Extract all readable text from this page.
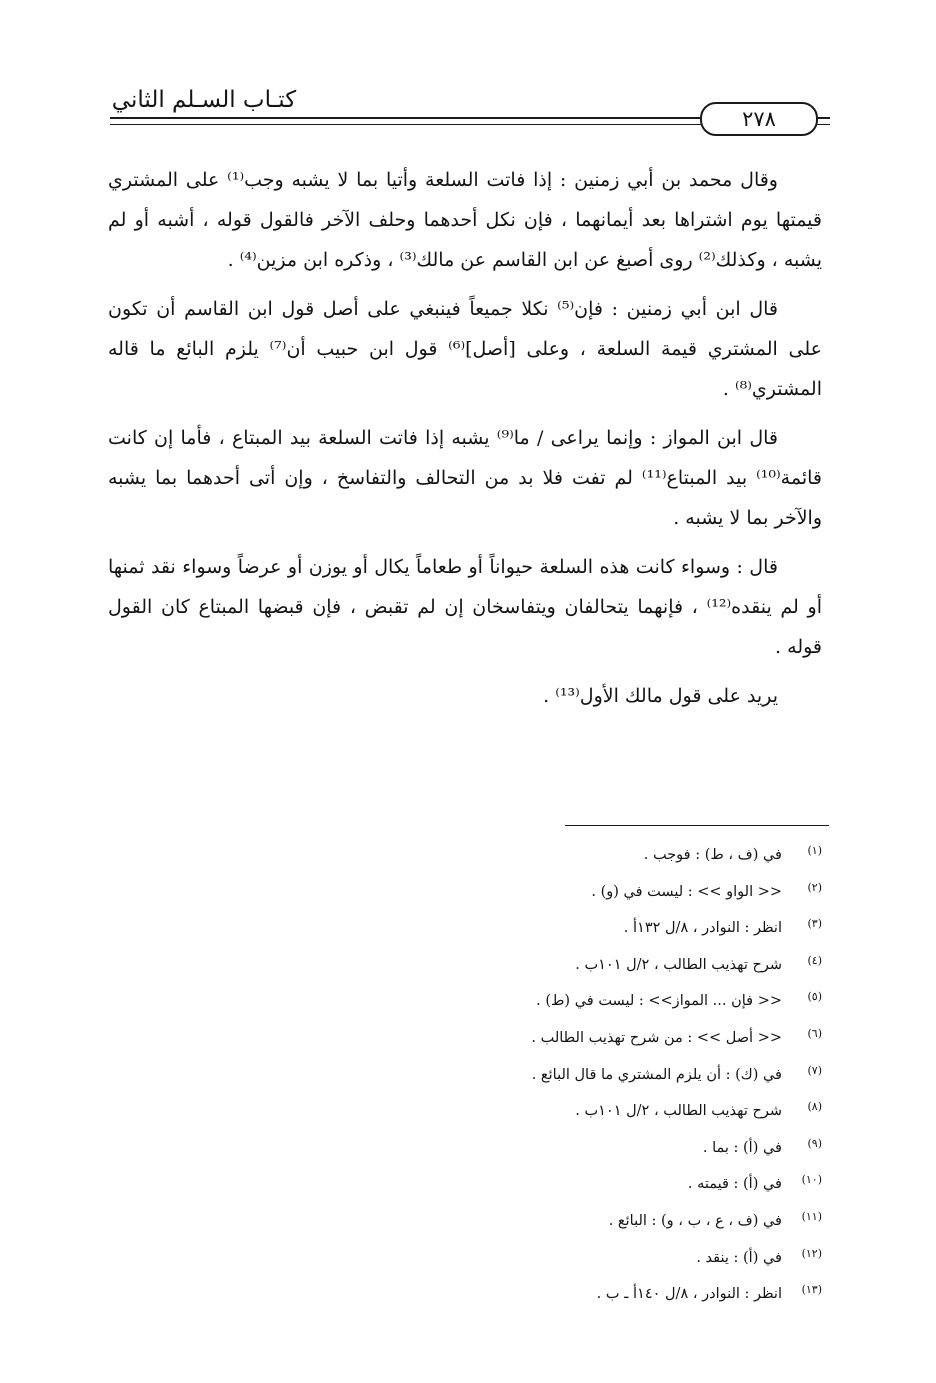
كتـاب السـلم الثاني
٢٧٨

وقال محمد بن أبي زمنين : إذا فاتت السلعة وأتيا بما لا يشبه وجب⁽¹⁾ على المشتري قيمتها يوم اشتراها بعد أيمانهما ، فإن نكل أحدهما وحلف الآخر فالقول قوله ، أشبه أو لم يشبه ، وكذلك⁽²⁾ روى أصبغ عن ابن القاسم عن مالك⁽³⁾ ، وذكره ابن مزين⁽⁴⁾ .

قال ابن أبي زمنين : فإن⁽⁵⁾ نكلا جميعاً فينبغي على أصل قول ابن القاسم أن تكون على المشتري قيمة السلعة ، وعلى [أصل]⁽⁶⁾ قول ابن حبيب أن⁽⁷⁾ يلزم البائع ما قاله المشتري⁽⁸⁾ .

قال ابن المواز : وإنما يراعى / ما⁽⁹⁾ يشبه إذا فاتت السلعة بيد المبتاع ، فأما إن كانت قائمة⁽¹⁰⁾ بيد المبتاع⁽¹¹⁾ لم تفت فلا بد من التحالف والتفاسخ ، وإن أتى أحدهما بما يشبه والآخر بما لا يشبه .

قال : وسواء كانت هذه السلعة حيواناً أو طعاماً يكال أو يوزن أو عرضاً وسواء نقد ثمنها أو لم ينقده⁽¹²⁾ ، فإنهما يتحالفان ويتفاسخان إن لم تقبض ، فإن قبضها المبتاع كان القول قوله .

يريد على قول مالك الأول⁽¹³⁾ .

(١)في (ف ، ط) : فوجب .
(٢)<< الواو >> : ليست في (و) .
(٣)انظر : النوادر ، ٨/ل ١٣٢أ .
(٤)شرح تهذيب الطالب ، ٢/ل ١٠١ب .
(٥)<< فإن ... المواز>> : ليست في (ط) .
(٦)<< أصل >> : من شرح تهذيب الطالب .
(٧)في (ك) : أن يلزم المشتري ما قال البائع .
(٨)شرح تهذيب الطالب ، ٢/ل ١٠١ب .
(٩)في (أ) : بما .
(١٠)في (أ) : قيمته .
(١١)في (ف ، ع ، ب ، و) : البائع .
(١٢)في (أ) : ينقد .
(١٣)انظر : النوادر ، ٨/ل ١٤٠أ ـ ب .
